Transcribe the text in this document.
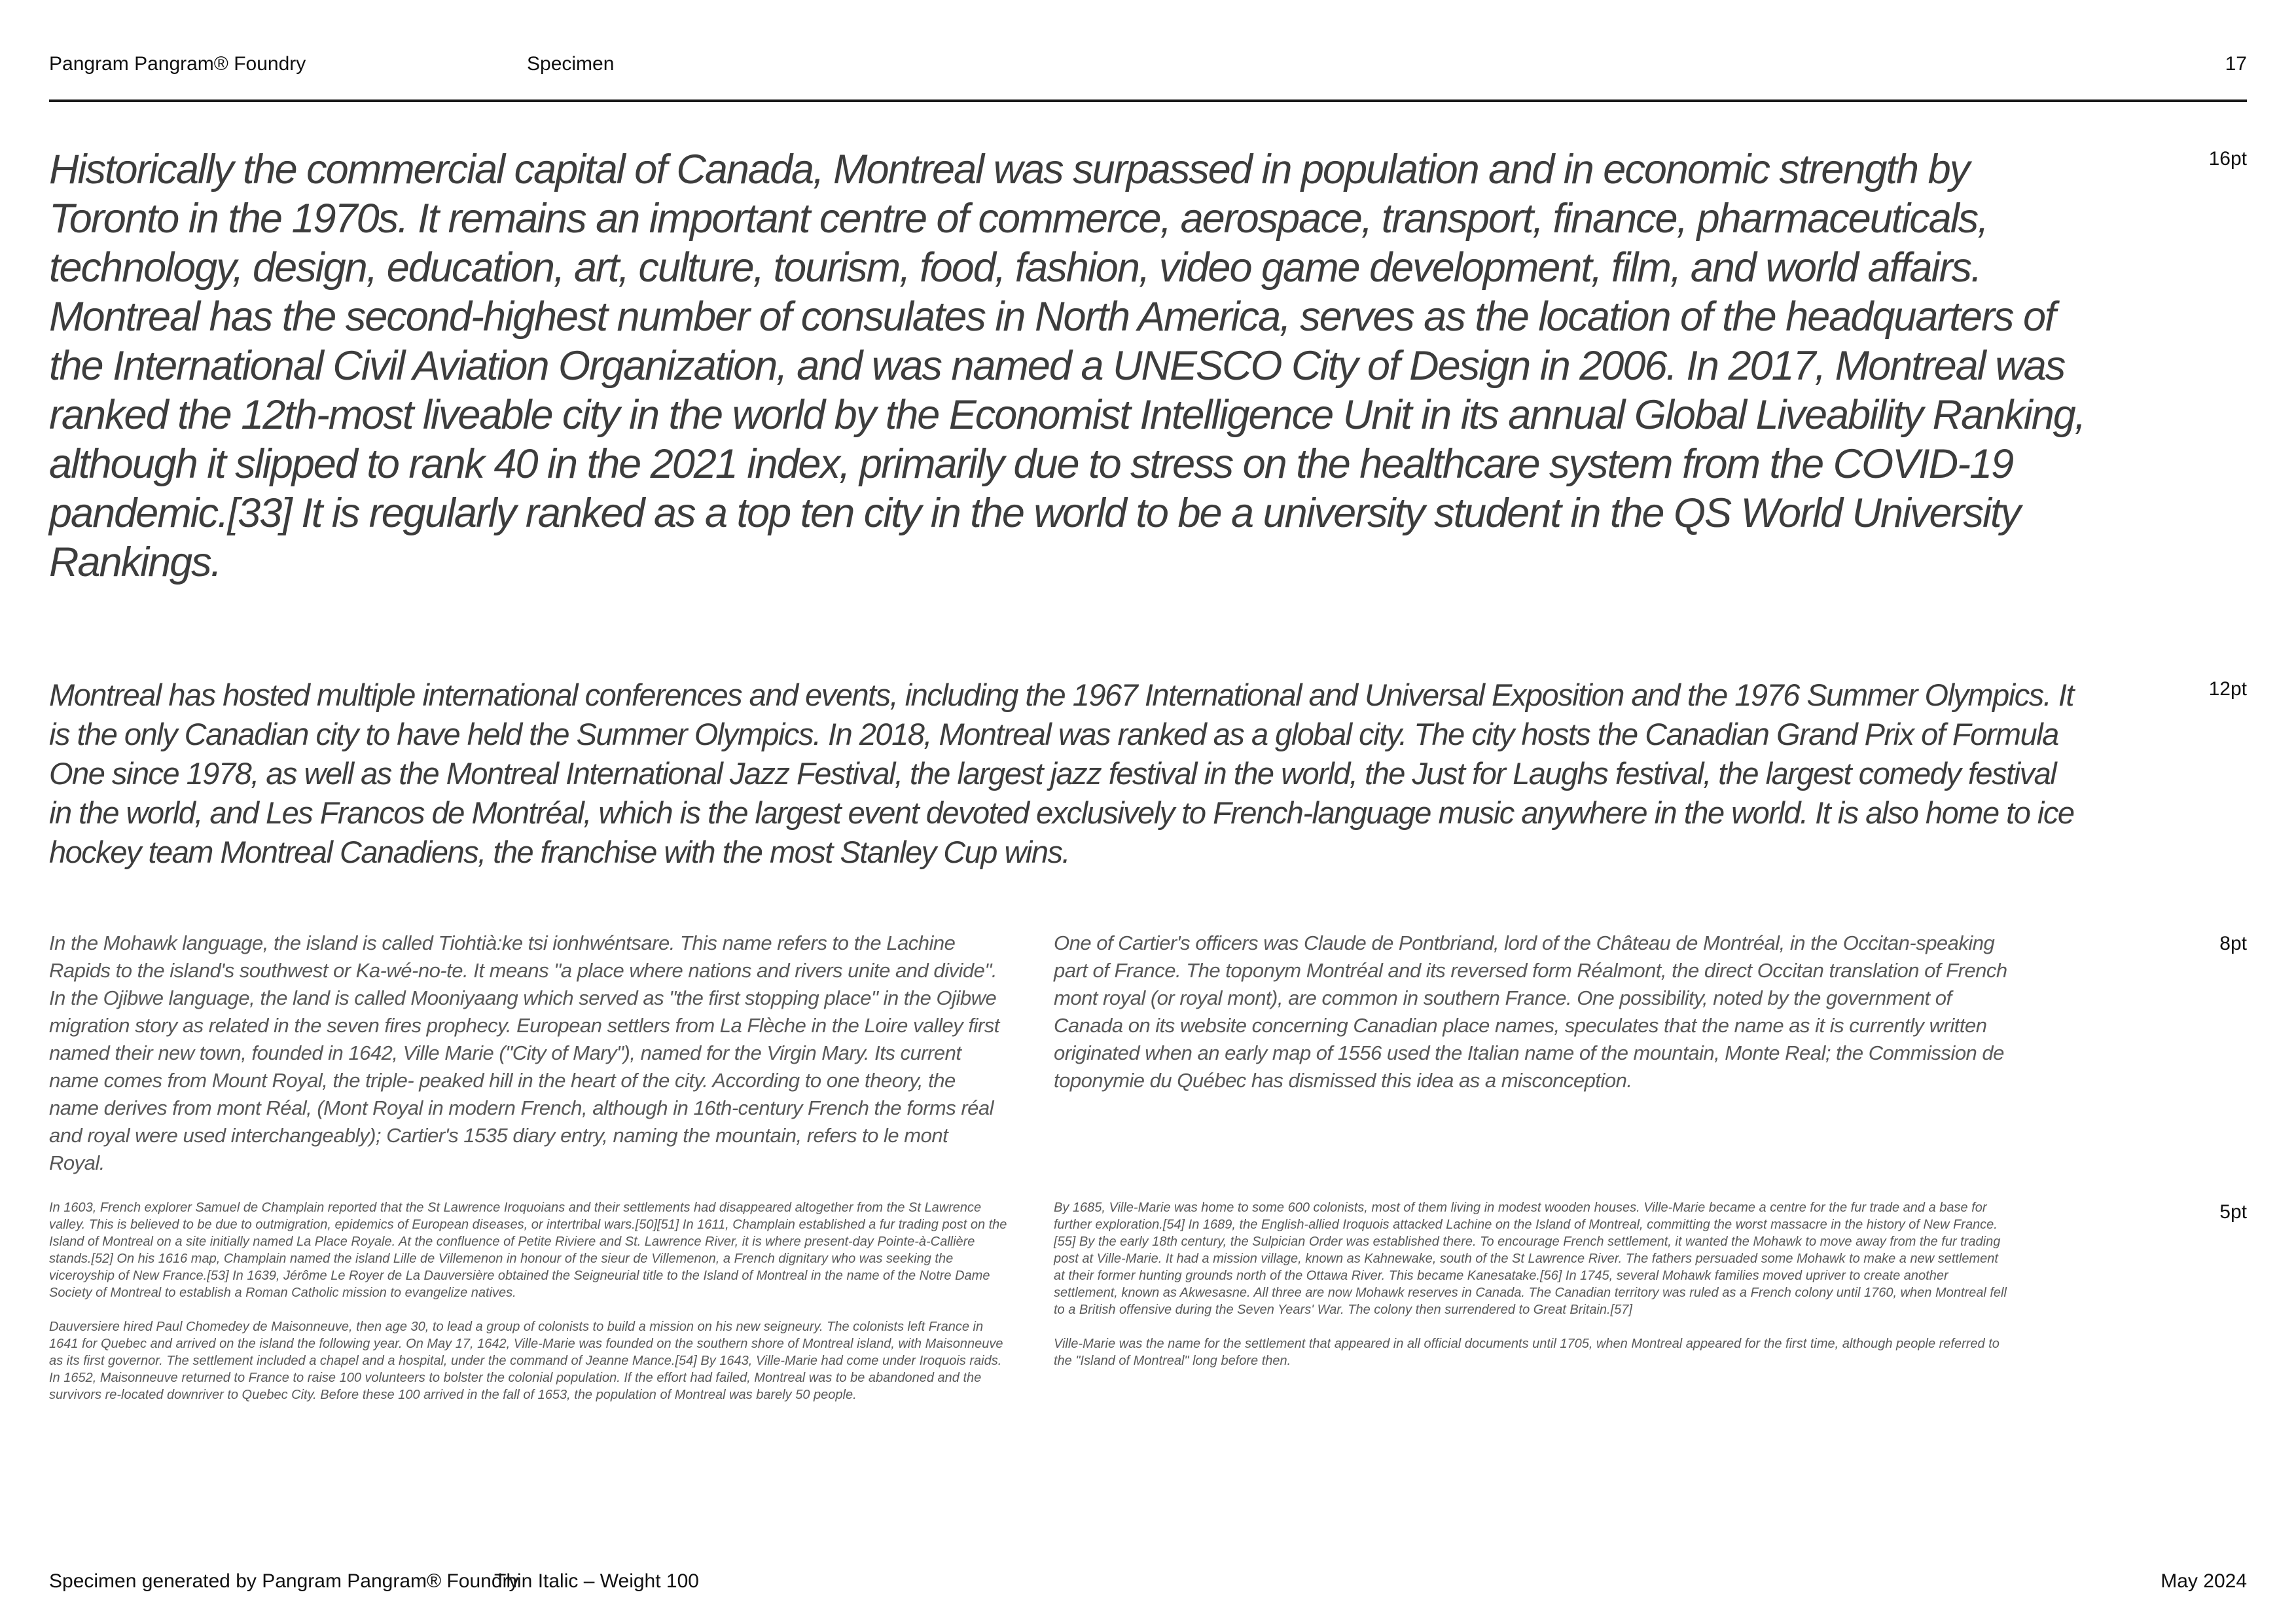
Pangram Pangram® Foundry	Specimen	17

Historically the commercial capital of Canada, Montreal was surpassed in population and in economic strength by Toronto in the 1970s. It remains an important centre of commerce, aerospace, transport, finance, pharmaceuticals, technology, design, education, art, culture, tourism, food, fashion, video game development, film, and world affairs. Montreal has the second-highest number of consulates in North America, serves as the location of the headquarters of the International Civil Aviation Organization, and was named a UNESCO City of Design in 2006. In 2017, Montreal was ranked the 12th-most liveable city in the world by the Economist Intelligence Unit in its annual Global Liveability Ranking, although it slipped to rank 40 in the 2021 index, primarily due to stress on the healthcare system from the COVID-19 pandemic.[33] It is regularly ranked as a top ten city in the world to be a university student in the QS World University Rankings.

16pt

Montreal has hosted multiple international conferences and events, including the 1967 International and Universal Exposition and the 1976 Summer Olympics. It is the only Canadian city to have held the Summer Olympics. In 2018, Montreal was ranked as a global city. The city hosts the Canadian Grand Prix of Formula One since 1978, as well as the Montreal International Jazz Festival, the largest jazz festival in the world, the Just for Laughs festival, the largest comedy festival in the world, and Les Francos de Montréal, which is the largest event devoted exclusively to French-language music anywhere in the world. It is also home to ice hockey team Montreal Canadiens, the franchise with the most Stanley Cup wins.

12pt

In the Mohawk language, the island is called Tiohtià:ke tsi ionhwéntsare. This name refers to the Lachine Rapids to the island's southwest or Ka-wé-no-te. It means "a place where nations and rivers unite and divide". In the Ojibwe language, the land is called Mooniyaang which served as "the first stopping place" in the Ojibwe migration story as related in the seven fires prophecy. European settlers from La Flèche in the Loire valley first named their new town, founded in 1642, Ville Marie ("City of Mary"), named for the Virgin Mary. Its current name comes from Mount Royal, the triple- peaked hill in the heart of the city. According to one theory, the name derives from mont Réal, (Mont Royal in modern French, although in 16th-century French the forms réal and royal were used interchangeably); Cartier's 1535 diary entry, naming the mountain, refers to le mont Royal.

One of Cartier's officers was Claude de Pontbriand, lord of the Château de Montréal, in the Occitan-speaking part of France. The toponym Montréal and its reversed form Réalmont, the direct Occitan translation of French mont royal (or royal mont), are common in southern France. One possibility, noted by the government of Canada on its website concerning Canadian place names, speculates that the name as it is currently written originated when an early map of 1556 used the Italian name of the mountain, Monte Real; the Commission de toponymie du Québec has dismissed this idea as a misconception.

8pt

In 1603, French explorer Samuel de Champlain reported that the St Lawrence Iroquoians and their settlements had disappeared altogether from the St Lawrence valley. This is believed to be due to outmigration, epidemics of European diseases, or intertribal wars.[50][51] In 1611, Champlain established a fur trading post on the Island of Montreal on a site initially named La Place Royale. At the confluence of Petite Riviere and St. Lawrence River, it is where present-day Pointe-à-Callière stands.[52] On his 1616 map, Champlain named the island Lille de Villemenon in honour of the sieur de Villemenon, a French dignitary who was seeking the viceroyship of New France.[53] In 1639, Jérôme Le Royer de La Dauversière obtained the Seigneurial title to the Island of Montreal in the name of the Notre Dame Society of Montreal to establish a Roman Catholic mission to evangelize natives.

Dauversiere hired Paul Chomedey de Maisonneuve, then age 30, to lead a group of colonists to build a mission on his new seigneury. The colonists left France in 1641 for Quebec and arrived on the island the following year. On May 17, 1642, Ville-Marie was founded on the southern shore of Montreal island, with Maisonneuve as its first governor. The settlement included a chapel and a hospital, under the command of Jeanne Mance.[54] By 1643, Ville-Marie had come under Iroquois raids. In 1652, Maisonneuve returned to France to raise 100 volunteers to bolster the colonial population. If the effort had failed, Montreal was to be abandoned and the survivors re-located downriver to Quebec City. Before these 100 arrived in the fall of 1653, the population of Montreal was barely 50 people.

By 1685, Ville-Marie was home to some 600 colonists, most of them living in modest wooden houses. Ville-Marie became a centre for the fur trade and a base for further exploration.[54] In 1689, the English-allied Iroquois attacked Lachine on the Island of Montreal, committing the worst massacre in the history of New France.[55] By the early 18th century, the Sulpician Order was established there. To encourage French settlement, it wanted the Mohawk to move away from the fur trading post at Ville-Marie. It had a mission village, known as Kahnewake, south of the St Lawrence River. The fathers persuaded some Mohawk to make a new settlement at their former hunting grounds north of the Ottawa River. This became Kanesatake.[56] In 1745, several Mohawk families moved upriver to create another settlement, known as Akwesasne. All three are now Mohawk reserves in Canada. The Canadian territory was ruled as a French colony until 1760, when Montreal fell to a British offensive during the Seven Years' War. The colony then surrendered to Great Britain.[57]

Ville-Marie was the name for the settlement that appeared in all official documents until 1705, when Montreal appeared for the first time, although people referred to the "Island of Montreal" long before then.

5pt
Specimen generated by Pangram Pangram® Foundry
Thin Italic – Weight 100	May 2024
